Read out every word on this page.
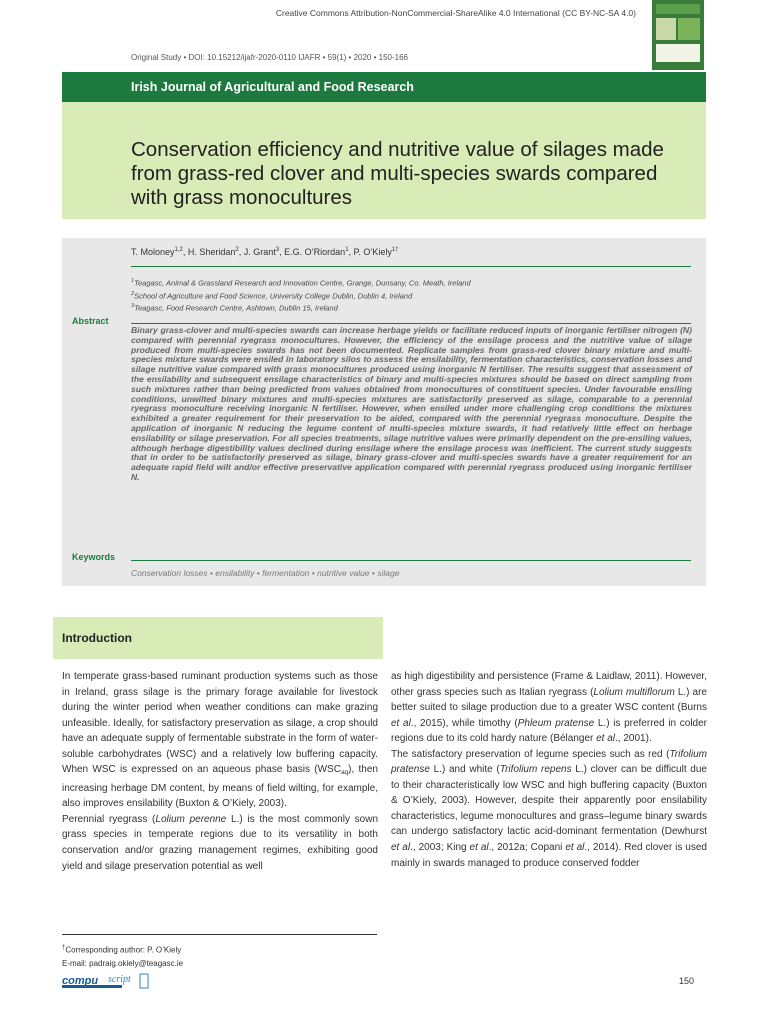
Creative Commons Attribution-NonCommercial-ShareAlike 4.0 International (CC BY-NC-SA 4.0)
Original Study • DOI: 10.15212/ijafr-2020-0110 IJAFR • 59(1) • 2020 • 150-166
Irish Journal of Agricultural and Food Research
Conservation efficiency and nutritive value of silages made from grass-red clover and multi-species swards compared with grass monocultures
T. Moloney$^{1,2}$, H. Sheridan$^2$, J. Grant$^3$, E.G. O’Riordan$^1$, P. O’Kiely$^{1\dagger}$
$^1$Teagasc, Animal & Grassland Research and Innovation Centre, Grange, Dunsany, Co. Meath, Ireland
$^2$School of Agriculture and Food Science, University College Dublin, Dublin 4, Ireland
$^3$Teagasc, Food Research Centre, Ashtown, Dublin 15, Ireland
Abstract
Binary grass-clover and multi-species swards can increase herbage yields or facilitate reduced inputs of inorganic fertiliser nitrogen (N) compared with perennial ryegrass monocultures. However, the efficiency of the ensilage process and the nutritive value of silage produced from multi-species swards has not been documented. Replicate samples from grass-red clover binary mixture and multi-species mixture swards were ensiled in laboratory silos to assess the ensilability, fermentation characteristics, conservation losses and silage nutritive value compared with grass monocultures produced using inorganic N fertiliser. The results suggest that assessment of the ensilability and subsequent ensilage characteristics of binary and multi-species mixtures should be based on direct sampling from such mixtures rather than being predicted from values obtained from monocultures of constituent species. Under favourable ensiling conditions, unwilted binary mixtures and multi-species mixtures are satisfactorily preserved as silage, comparable to a perennial ryegrass monoculture receiving inorganic N fertiliser. However, when ensiled under more challenging crop conditions the mixtures exhibited a greater requirement for their preservation to be aided, compared with the perennial ryegrass monoculture. Despite the application of inorganic N reducing the legume content of multi-species mixture swards, it had relatively little effect on herbage ensilability or silage preservation. For all species treatments, silage nutritive values were primarily dependent on the pre-ensiling values, although herbage digestibility values declined during ensilage where the ensilage process was inefficient. The current study suggests that in order to be satisfactorily preserved as silage, binary grass-clover and multi-species swards have a greater requirement for an adequate rapid field wilt and/or effective preservative application compared with perennial ryegrass produced using inorganic fertiliser N.
Keywords
Conservation losses • ensilability • fermentation • nutritive value • silage
Introduction

In temperate grass-based ruminant production systems such as those in Ireland, grass silage is the primary forage available for livestock during the winter period when weather conditions can make grazing unfeasible. Ideally, for satisfactory preservation as silage, a crop should have an adequate supply of fermentable substrate in the form of water-soluble carbohydrates (WSC) and a relatively low buffering capacity. When WSC is expressed on an aqueous phase basis $(WSC_{aq})$, then increasing herbage DM content, by means of field wilting, for example, also improves ensilability (Buxton & O’Kiely, 2003).

Perennial ryegrass (Lolium perenne L.) is the most commonly sown grass species in temperate regions due to its versatility in both conservation and/or grazing management regimes, exhibiting good yield and silage preservation potential as well

as high digestibility and persistence (Frame & Laidlaw, 2011). However, other grass species such as Italian ryegrass (Lolium multiflorum L.) are better suited to silage production due to a greater WSC content (Burns et al., 2015), while timothy (Phleum pratense L.) is preferred in colder regions due to its cold hardy nature (Bélanger et al., 2001).

The satisfactory preservation of legume species such as red (Trifolium pratense L.) and white (Trifolium repens L.) clover can be difficult due to their characteristically low WSC and high buffering capacity (Buxton & O’Kiely, 2003). However, despite their apparently poor ensilability characteristics, legume monocultures and grass–legume binary swards can undergo satisfactory lactic acid-dominant fermentation (Dewhurst et al., 2003; King et al., 2012a; Copani et al., 2014). Red clover is used mainly in swards managed to produce conserved fodder

†Corresponding author: P. O’Kiely
E-mail: padraig.okiely@teagasc.ie
compu script	150
